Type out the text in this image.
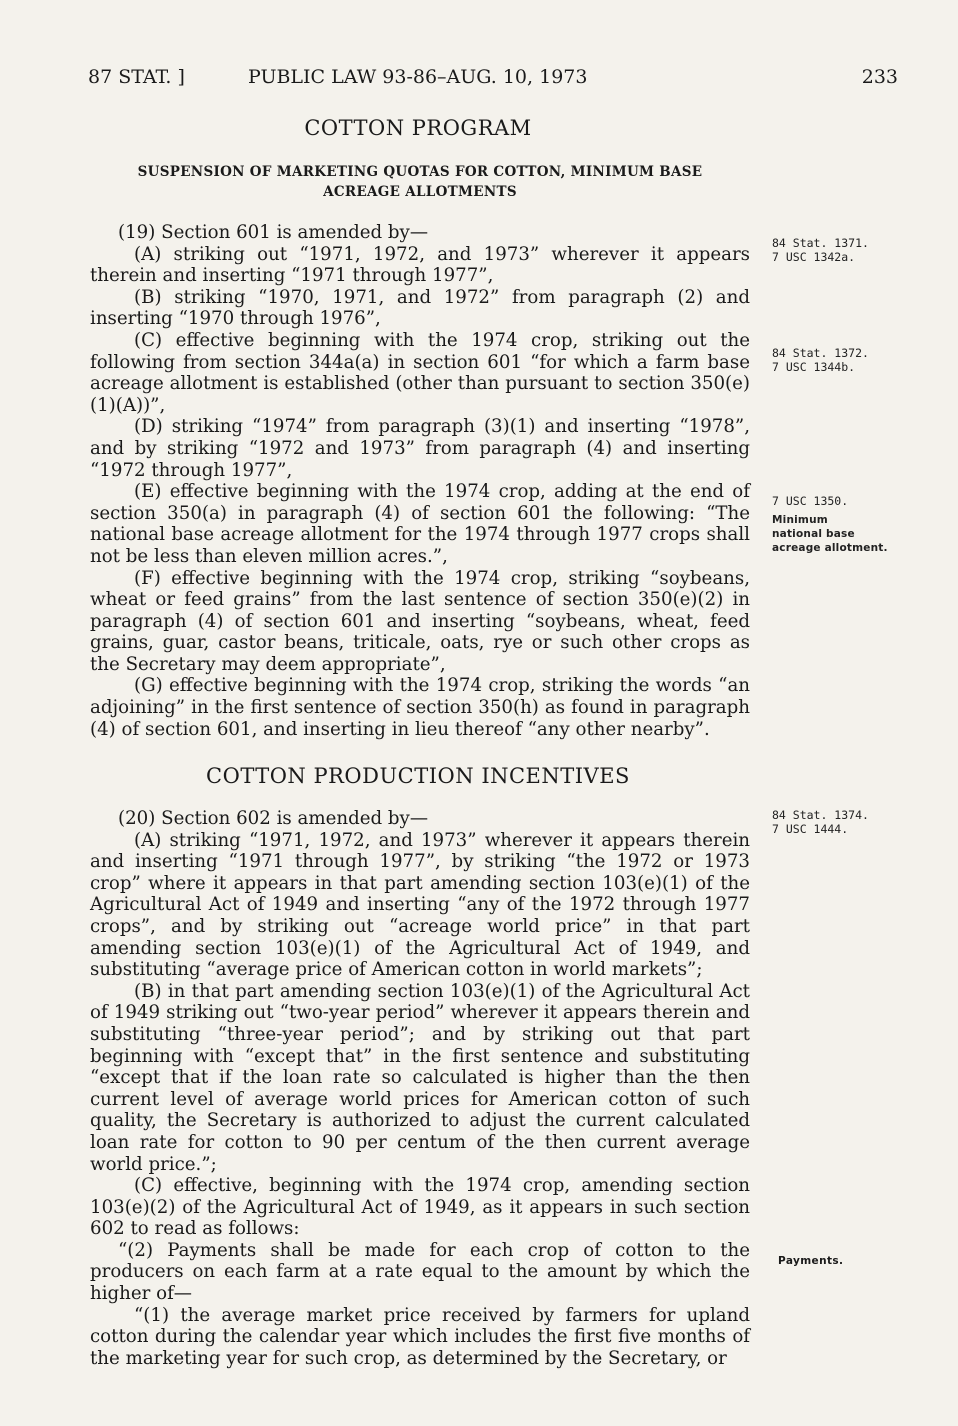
87 STAT. ]	PUBLIC LAW 93-86–AUG. 10, 1973	233
COTTON PROGRAM
SUSPENSION OF MARKETING QUOTAS FOR COTTON, MINIMUM BASE
ACREAGE ALLOTMENTS

(19) Section 601 is amended by—

(A) striking out “1971, 1972, and 1973” wherever it appears therein and inserting “1971 through 1977”,

(B) striking “1970, 1971, and 1972” from paragraph (2) and inserting “1970 through 1976”,

(C) effective beginning with the 1974 crop, striking out the following from section 344a(a) in section 601 “for which a farm base acreage allotment is established (other than pursuant to section 350(e)(1)(A))”,

(D) striking “1974” from paragraph (3)(1) and inserting “1978”, and by striking “1972 and 1973” from paragraph (4) and inserting “1972 through 1977”,

(E) effective beginning with the 1974 crop, adding at the end of section 350(a) in paragraph (4) of section 601 the following: “The national base acreage allotment for the 1974 through 1977 crops shall not be less than eleven million acres.”,

(F) effective beginning with the 1974 crop, striking “soybeans, wheat or feed grains” from the last sentence of section 350(e)(2) in paragraph (4) of section 601 and inserting “soybeans, wheat, feed grains, guar, castor beans, triticale, oats, rye or such other crops as the Secretary may deem appropriate”,

(G) effective beginning with the 1974 crop, striking the words “an adjoining” in the first sentence of section 350(h) as found in paragraph (4) of section 601, and inserting in lieu thereof “any other nearby”.

COTTON PRODUCTION INCENTIVES

(20) Section 602 is amended by—

(A) striking “1971, 1972, and 1973” wherever it appears therein and inserting “1971 through 1977”, by striking “the 1972 or 1973 crop” where it appears in that part amending section 103(e)(1) of the Agricultural Act of 1949 and inserting “any of the 1972 through 1977 crops”, and by striking out “acreage world price” in that part amending section 103(e)(1) of the Agricultural Act of 1949, and substituting “average price of American cotton in world markets”;

(B) in that part amending section 103(e)(1) of the Agricultural Act of 1949 striking out “two-year period” wherever it appears therein and substituting “three-year period”; and by striking out that part beginning with “except that” in the first sentence and substituting “except that if the loan rate so calculated is higher than the then current level of average world prices for American cotton of such quality, the Secretary is authorized to adjust the current calculated loan rate for cotton to 90 per centum of the then current average world price.”;

(C) effective, beginning with the 1974 crop, amending section 103(e)(2) of the Agricultural Act of 1949, as it appears in such section 602 to read as follows:

“(2) Payments shall be made for each crop of cotton to the producers on each farm at a rate equal to the amount by which the higher of—

“(1) the average market price received by farmers for upland cotton during the calendar year which includes the first five months of the marketing year for such crop, as determined by the Secretary, or

84 Stat. 1371.
7 USC 1342a.
84 Stat. 1372.
7 USC 1344b.
7 USC 1350.
Minimum
national base
acreage allotment.
84 Stat. 1374.
7 USC 1444.
Payments.
